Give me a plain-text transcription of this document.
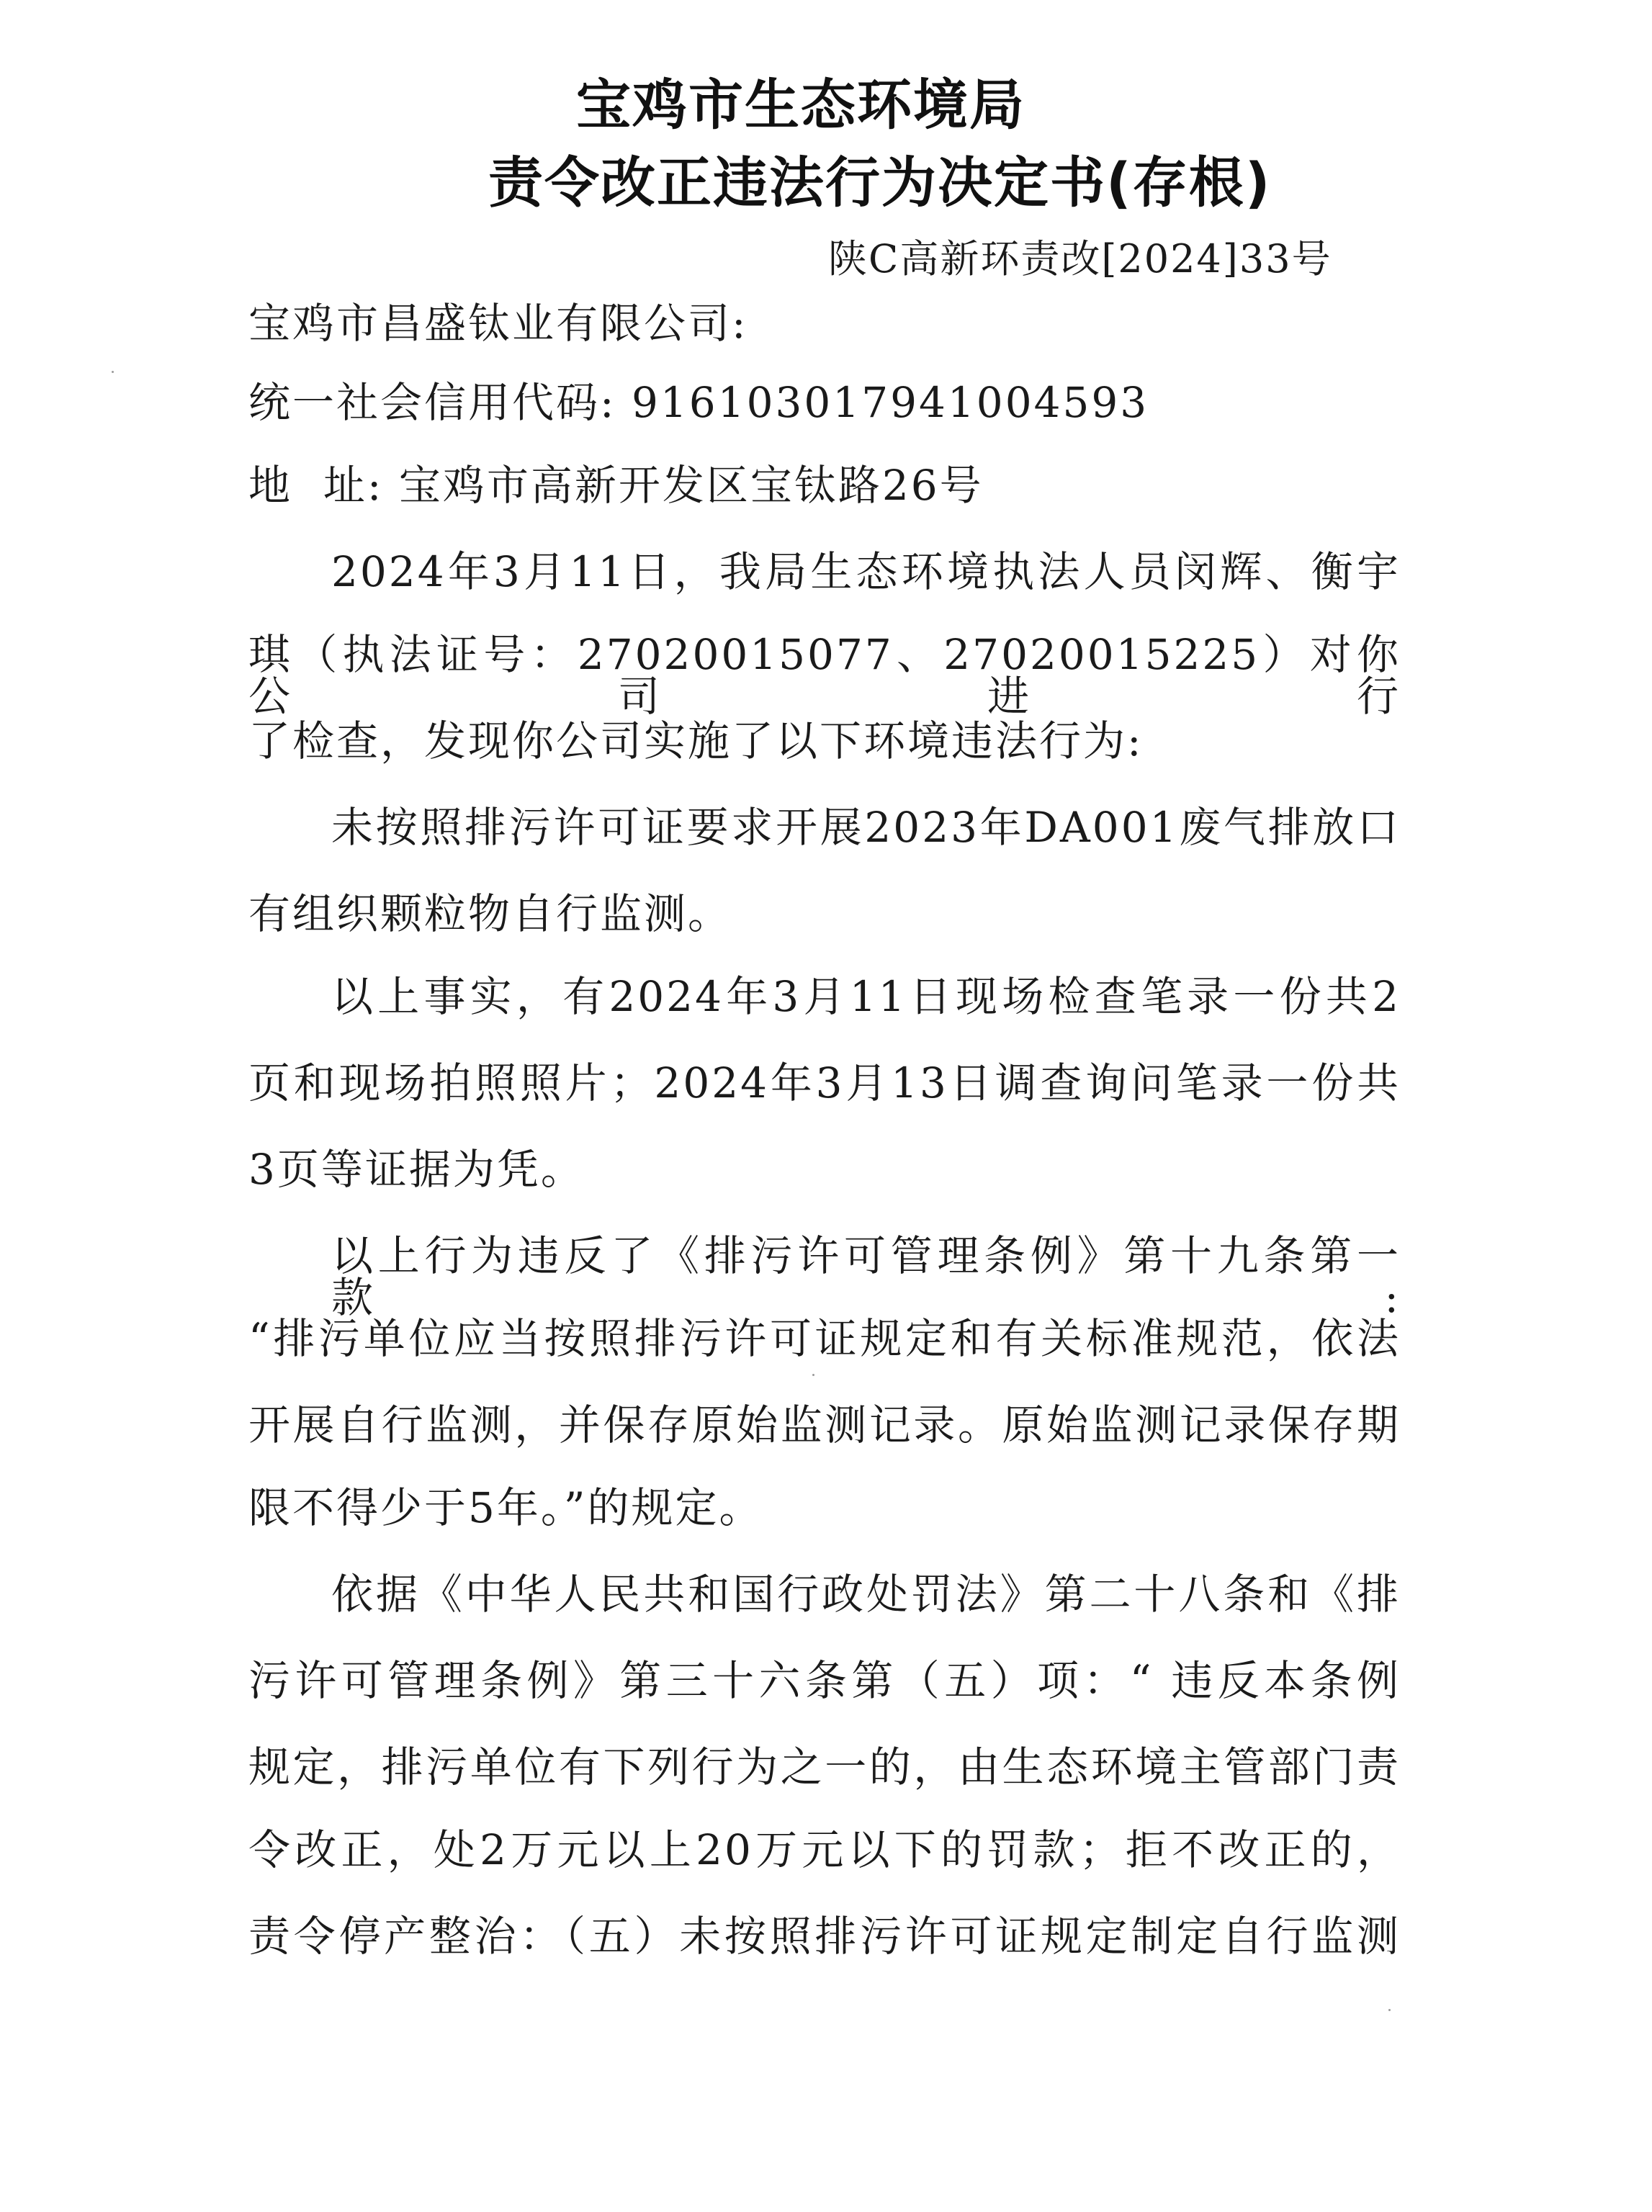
宝鸡市生态环境局
责令改正违法行为决定书(存根)
陕C高新环责改[2024]33号
宝鸡市昌盛钛业有限公司:
统一社会信用代码: 916103017941004593
地  址: 宝鸡市高新开发区宝钛路26号
2024年3月11日，我局生态环境执法人员闵辉、衡宇
琪（执法证号：27020015077、27020015225）对你公司进行
了检查，发现你公司实施了以下环境违法行为:
未按照排污许可证要求开展2023年DA001废气排放口
有组织颗粒物自行监测。
以上事实，有2024年3月11日现场检查笔录一份共2
页和现场拍照照片；2024年3月13日调查询问笔录一份共
3页等证据为凭。
以上行为违反了《排污许可管理条例》第十九条第一款:
“排污单位应当按照排污许可证规定和有关标准规范，依法
开展自行监测，并保存原始监测记录。原始监测记录保存期
限不得少于5年。”的规定。
依据《中华人民共和国行政处罚法》第二十八条和《排
污许可管理条例》第三十六条第（五）项：“ 违反本条例
规定，排污单位有下列行为之一的，由生态环境主管部门责
令改正，处2万元以上20万元以下的罚款；拒不改正的，
责令停产整治：（五）未按照排污许可证规定制定自行监测
